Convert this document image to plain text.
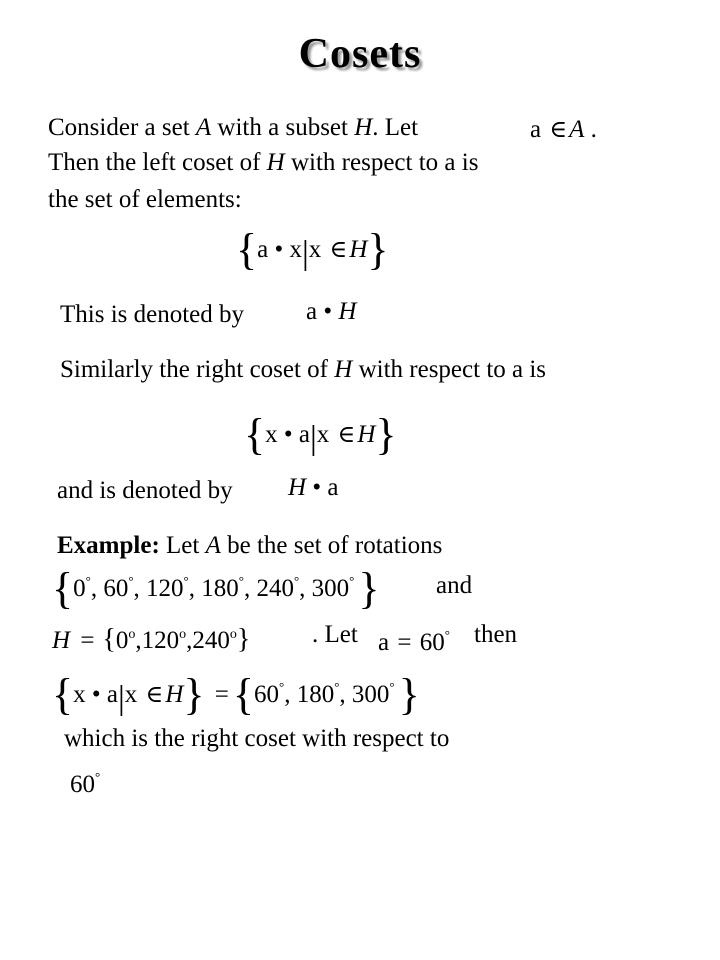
Cosets
Consider a set A with a subset H. Let	a ∈A .
Then the left coset of H with respect to a is
the set of elements:
{a • x|x ∈H}
This is denoted by a • H
Similarly the right coset of H with respect to a is
{x • a|x ∈H}
and is denoted by H • a
Example: Let A be the set of rotations
{0°, 60°, 120°, 180°, 240°, 300°} and
$H = \{0^o,120^o,240^o\}$ . Let a = 60° then
{x • a|x ∈H} ={60°, 180°, 300°}
which is the right coset with respect to
60°
